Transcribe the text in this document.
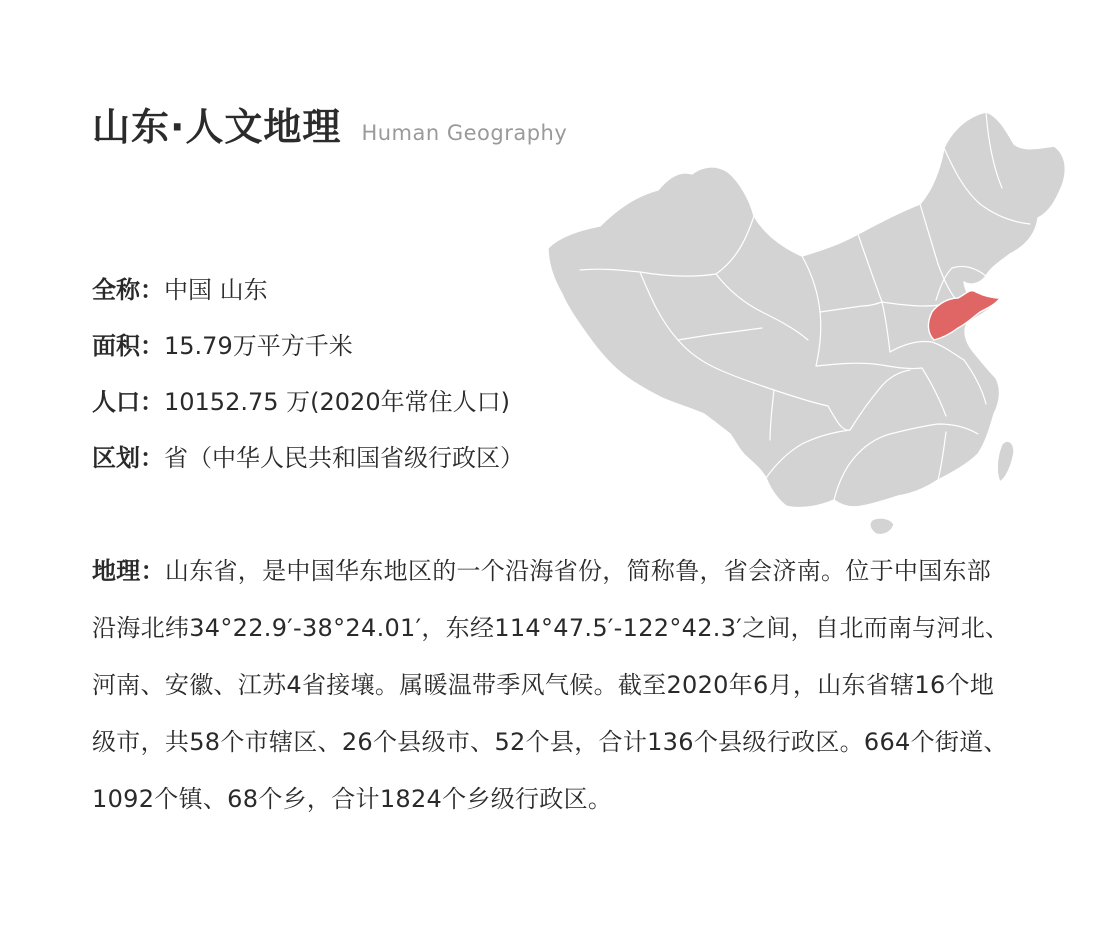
山东·人文地理 Human Geography
全称：中国 山东
面积：15.79万平方千米
人口：10152.75 万(2020年常住人口)
区划：省（中华人民共和国省级行政区）
地理：山东省，是中国华东地区的一个沿海省份，简称鲁，省会济南。位于中国东部沿海北纬34°22.9′-38°24.01′，东经114°47.5′-122°42.3′之间，自北而南与河北、河南、安徽、江苏4省接壤。属暖温带季风气候。截至2020年6月，山东省辖16个地级市，共58个市辖区、26个县级市、52个县，合计136个县级行政区。664个街道、1092个镇、68个乡，合计1824个乡级行政区。
